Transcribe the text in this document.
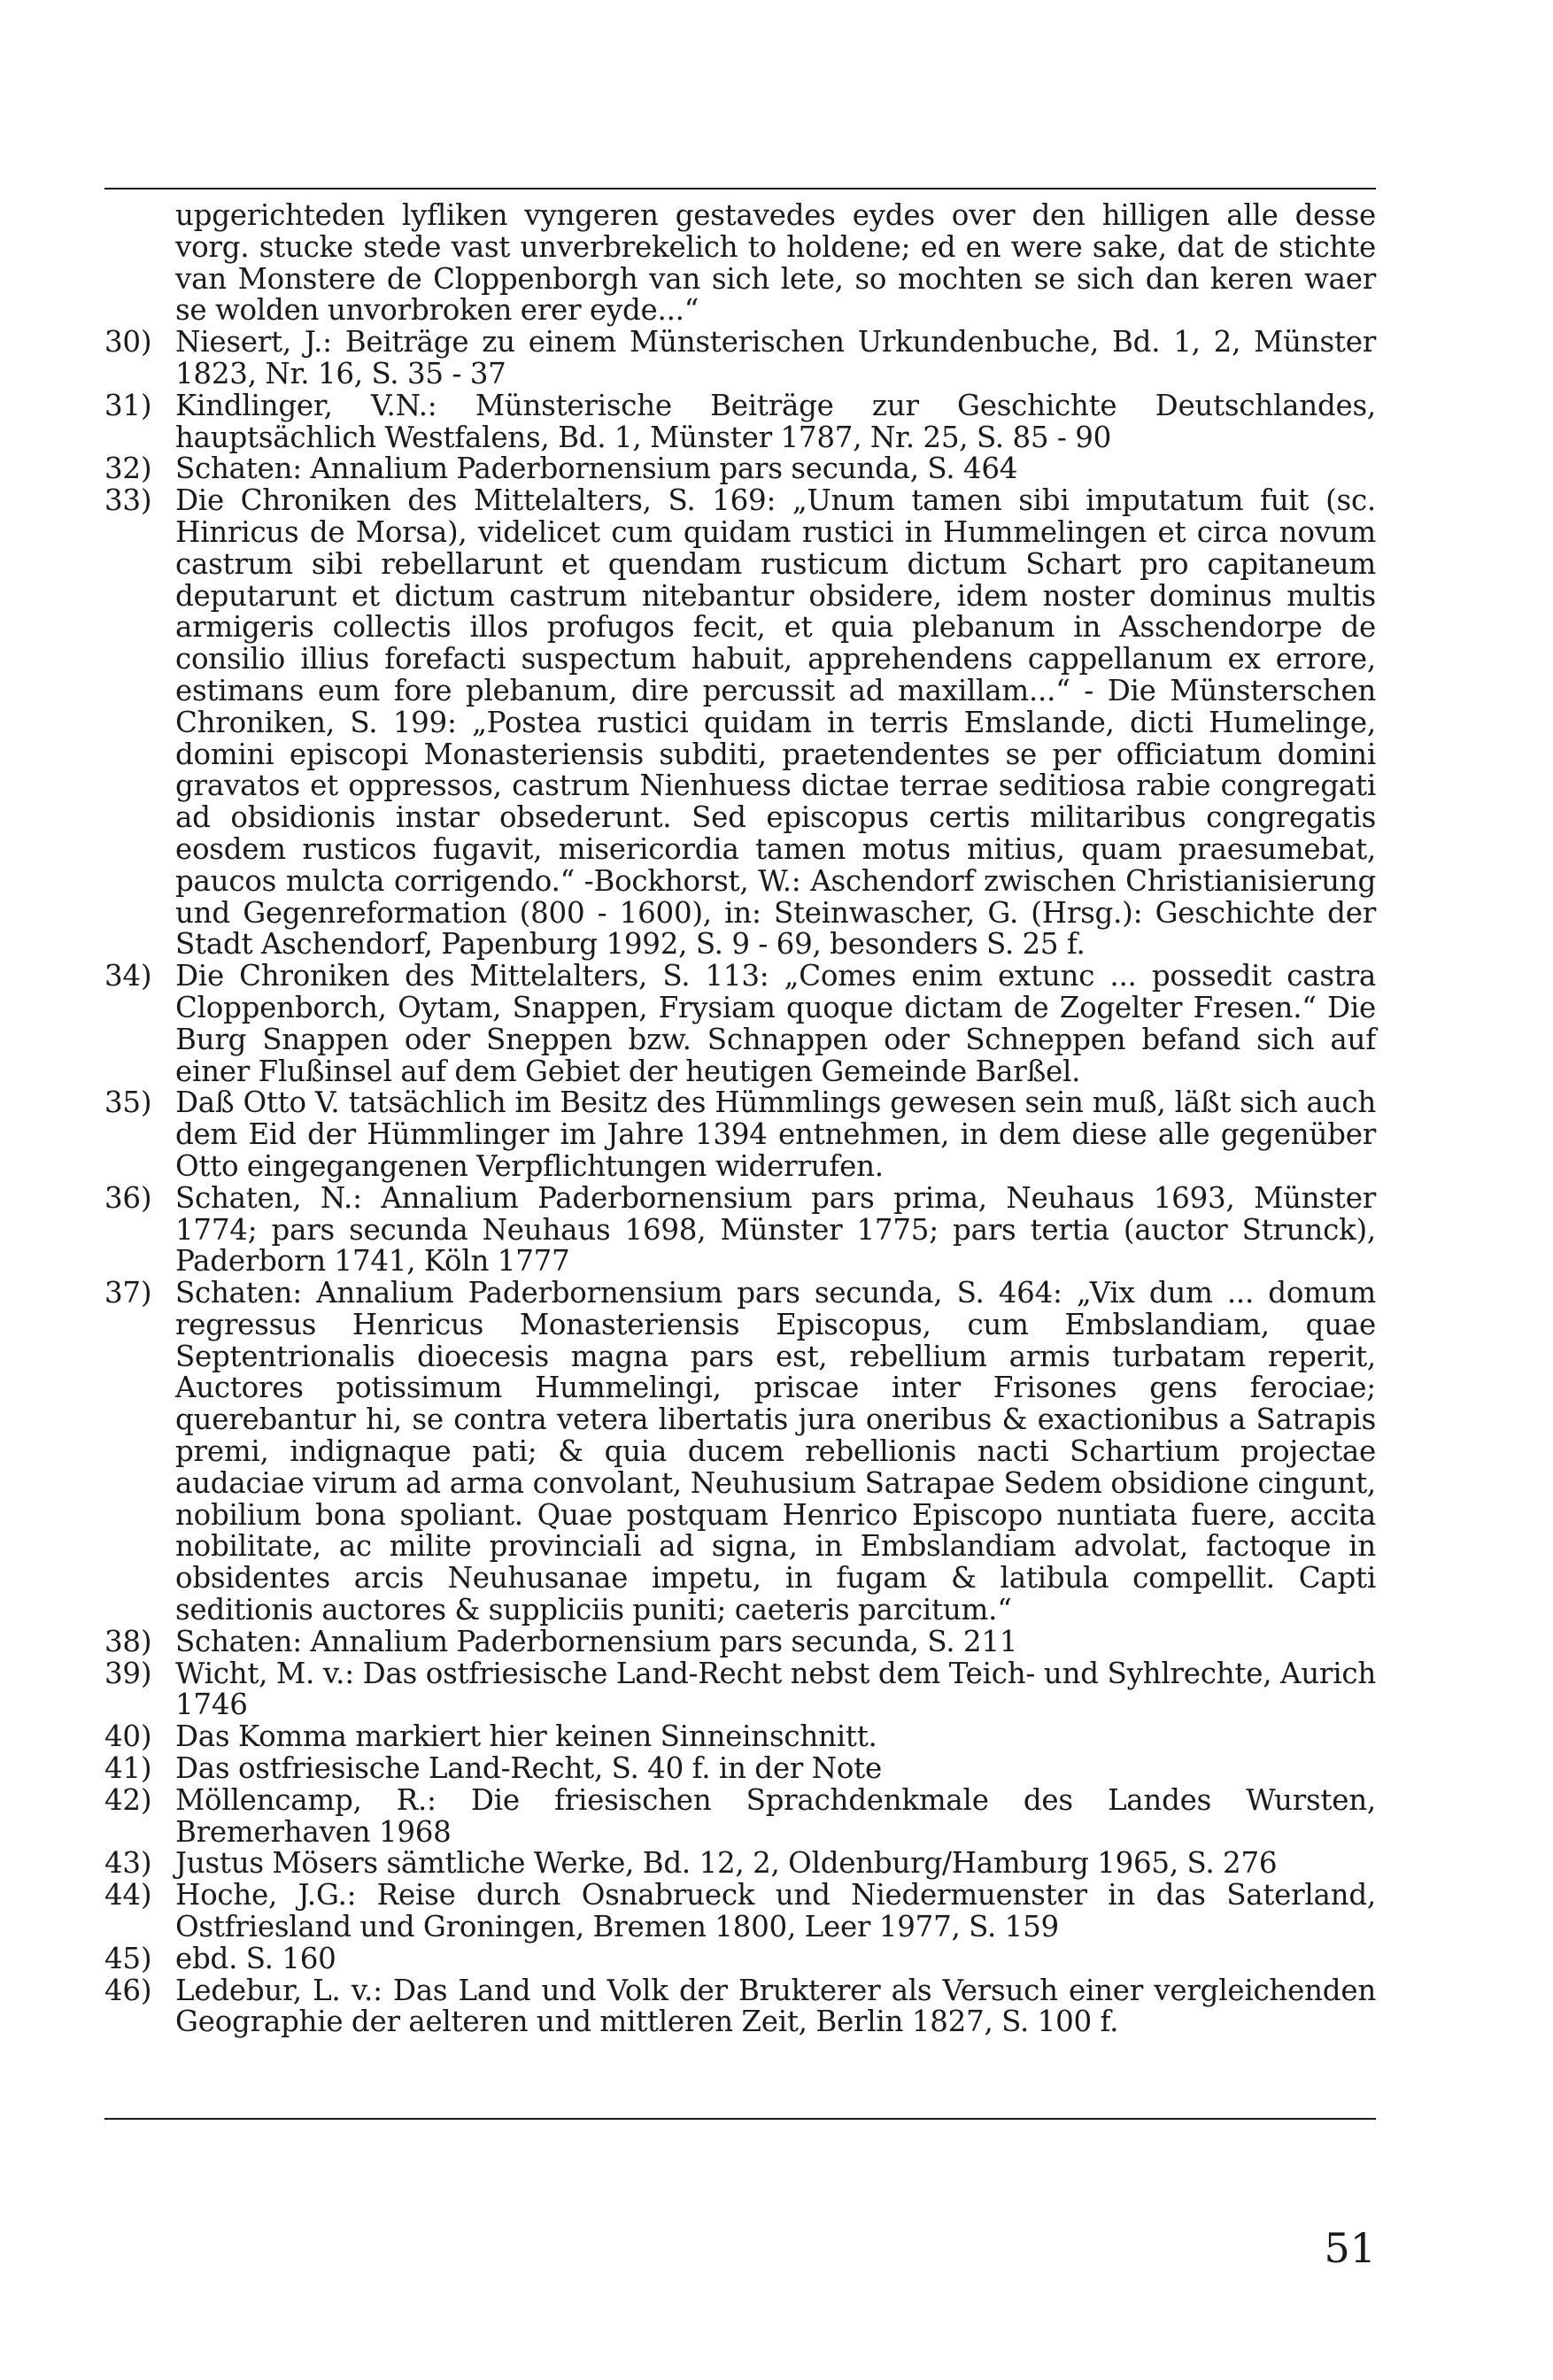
upgerichteden lyfliken vyngeren gestavedes eydes over den hilligen alle desse vorg. stucke stede vast unverbrekelich to holdene; ed en were sake, dat de stichte van Monstere de Cloppenborgh van sich lete, so mochten se sich dan keren waer se wolden unvorbroken erer eyde...“

30) Niesert, J.: Beiträge zu einem Münsterischen Urkundenbuche, Bd. 1, 2, Münster 1823, Nr. 16, S. 35 - 37

31) Kindlinger, V.N.: Münsterische Beiträge zur Geschichte Deutschlandes, hauptsächlich Westfalens, Bd. 1, Münster 1787, Nr. 25, S. 85 - 90

32) Schaten: Annalium Paderbornensium pars secunda, S. 464

33) Die Chroniken des Mittelalters, S. 169: „Unum tamen sibi imputatum fuit (sc. Hinricus de Morsa), videlicet cum quidam rustici in Hummelingen et circa novum castrum sibi rebellarunt et quendam rusticum dictum Schart pro capitaneum deputarunt et dictum castrum nitebantur obsidere, idem noster dominus multis armigeris collectis illos profugos fecit, et quia plebanum in Asschendorpe de consilio illius forefacti suspectum habuit, apprehendens cappellanum ex errore, estimans eum fore plebanum, dire percussit ad maxillam...“ - Die Münsterschen Chroniken, S. 199: „Postea rustici quidam in terris Emslande, dicti Humelinge, domini episcopi Monasteriensis subditi, praetendentes se per officiatum domini gravatos et oppressos, castrum Nienhuess dictae terrae seditiosa rabie congregati ad obsidionis instar obsederunt. Sed episcopus certis militaribus congregatis eosdem rusticos fugavit, misericordia tamen motus mitius, quam praesumebat, paucos mulcta corrigendo.“ -Bockhorst, W.: Aschendorf zwischen Christianisierung und Gegenreformation (800 - 1600), in: Steinwascher, G. (Hrsg.): Geschichte der Stadt Aschendorf, Papenburg 1992, S. 9 - 69, besonders S. 25 f.

34) Die Chroniken des Mittelalters, S. 113: „Comes enim extunc ... possedit castra Cloppenborch, Oytam, Snappen, Frysiam quoque dictam de Zogelter Fresen.“ Die Burg Snappen oder Sneppen bzw. Schnappen oder Schneppen befand sich auf einer Flußinsel auf dem Gebiet der heutigen Gemeinde Barßel.

35) Daß Otto V. tatsächlich im Besitz des Hümmlings gewesen sein muß, läßt sich auch dem Eid der Hümmlinger im Jahre 1394 entnehmen, in dem diese alle gegenüber Otto eingegangenen Verpflichtungen widerrufen.

36) Schaten, N.: Annalium Paderbornensium pars prima, Neuhaus 1693, Münster 1774; pars secunda Neuhaus 1698, Münster 1775; pars tertia (auctor Strunck), Paderborn 1741, Köln 1777

37) Schaten: Annalium Paderbornensium pars secunda, S. 464: „Vix dum ... domum regressus Henricus Monasteriensis Episcopus, cum Embslandiam, quae Septentrionalis dioecesis magna pars est, rebellium armis turbatam reperit, Auctores potissimum Hummelingi, priscae inter Frisones gens ferociae; querebantur hi, se contra vetera libertatis jura oneribus & exactionibus a Satrapis premi, indignaque pati; & quia ducem rebellionis nacti Schartium projectae audaciae virum ad arma convolant, Neuhusium Satrapae Sedem obsidione cingunt, nobilium bona spoliant. Quae postquam Henrico Episcopo nuntiata fuere, accita nobilitate, ac milite provinciali ad signa, in Embslandiam advolat, factoque in obsidentes arcis Neuhusanae impetu, in fugam & latibula compellit. Capti seditionis auctores & suppliciis puniti; caeteris parcitum.“

38) Schaten: Annalium Paderbornensium pars secunda, S. 211

39) Wicht, M. v.: Das ostfriesische Land-Recht nebst dem Teich- und Syhlrechte, Aurich 1746

40) Das Komma markiert hier keinen Sinneinschnitt.

41) Das ostfriesische Land-Recht, S. 40 f. in der Note

42) Möllencamp, R.: Die friesischen Sprachdenkmale des Landes Wursten, Bremerhaven 1968

43) Justus Mösers sämtliche Werke, Bd. 12, 2, Oldenburg/Hamburg 1965, S. 276

44) Hoche, J.G.: Reise durch Osnabrueck und Niedermuenster in das Saterland, Ostfriesland und Groningen, Bremen 1800, Leer 1977, S. 159

45) ebd. S. 160

46) Ledebur, L. v.: Das Land und Volk der Brukterer als Versuch einer vergleichenden Geographie der aelteren und mittleren Zeit, Berlin 1827, S. 100 f.

51
